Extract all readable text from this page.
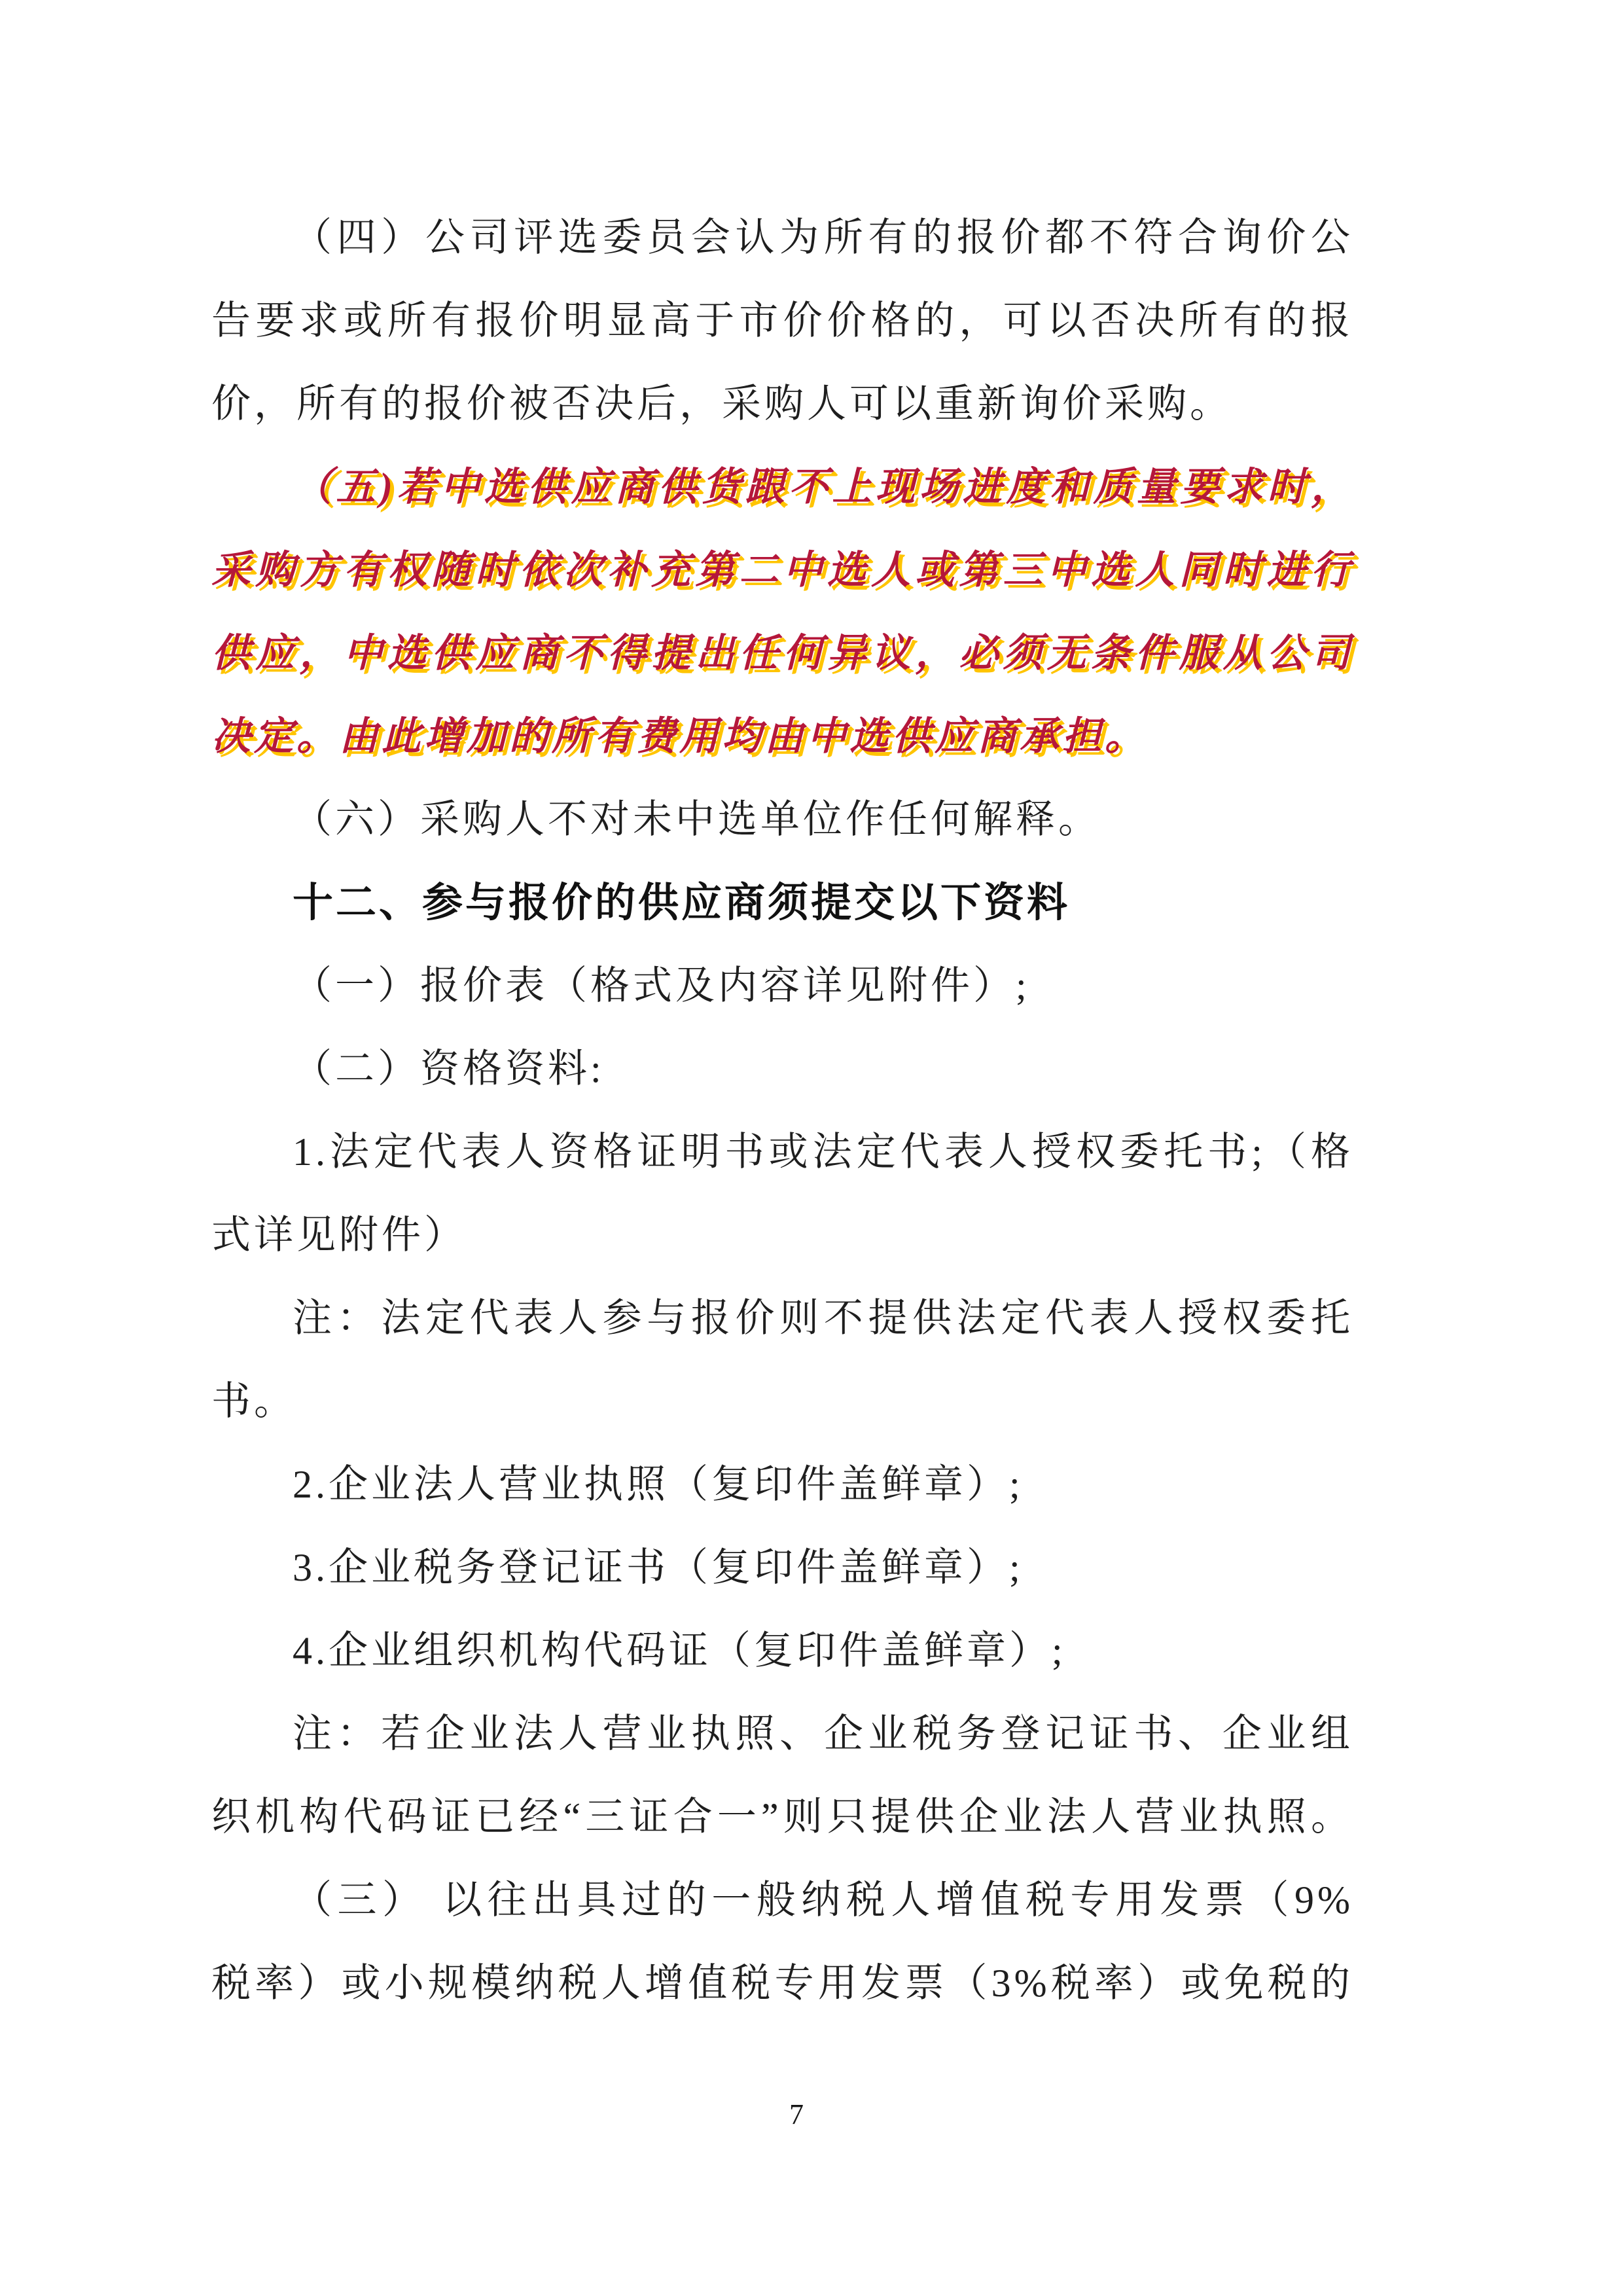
（四）公司评选委员会认为所有的报价都不符合询价公
告要求或所有报价明显高于市价价格的，可以否决所有的报
价，所有的报价被否决后，采购人可以重新询价采购。
（五)若中选供应商供货跟不上现场进度和质量要求时，
采购方有权随时依次补充第二中选人或第三中选人同时进行
供应，中选供应商不得提出任何异议，必须无条件服从公司
决定。由此增加的所有费用均由中选供应商承担。
（六）采购人不对未中选单位作任何解释。
十二、参与报价的供应商须提交以下资料
（一）报价表（格式及内容详见附件）;
（二）资格资料:
1.法定代表人资格证明书或法定代表人授权委托书;（格
式详见附件）
注：法定代表人参与报价则不提供法定代表人授权委托
书。
2.企业法人营业执照（复印件盖鲜章）;
3.企业税务登记证书（复印件盖鲜章）;
4.企业组织机构代码证（复印件盖鲜章）;
注：若企业法人营业执照、企业税务登记证书、企业组
织机构代码证已经“三证合一”则只提供企业法人营业执照。
（三） 以往出具过的一般纳税人增值税专用发票（9%
税率）或小规模纳税人增值税专用发票（3%税率）或免税的
7
